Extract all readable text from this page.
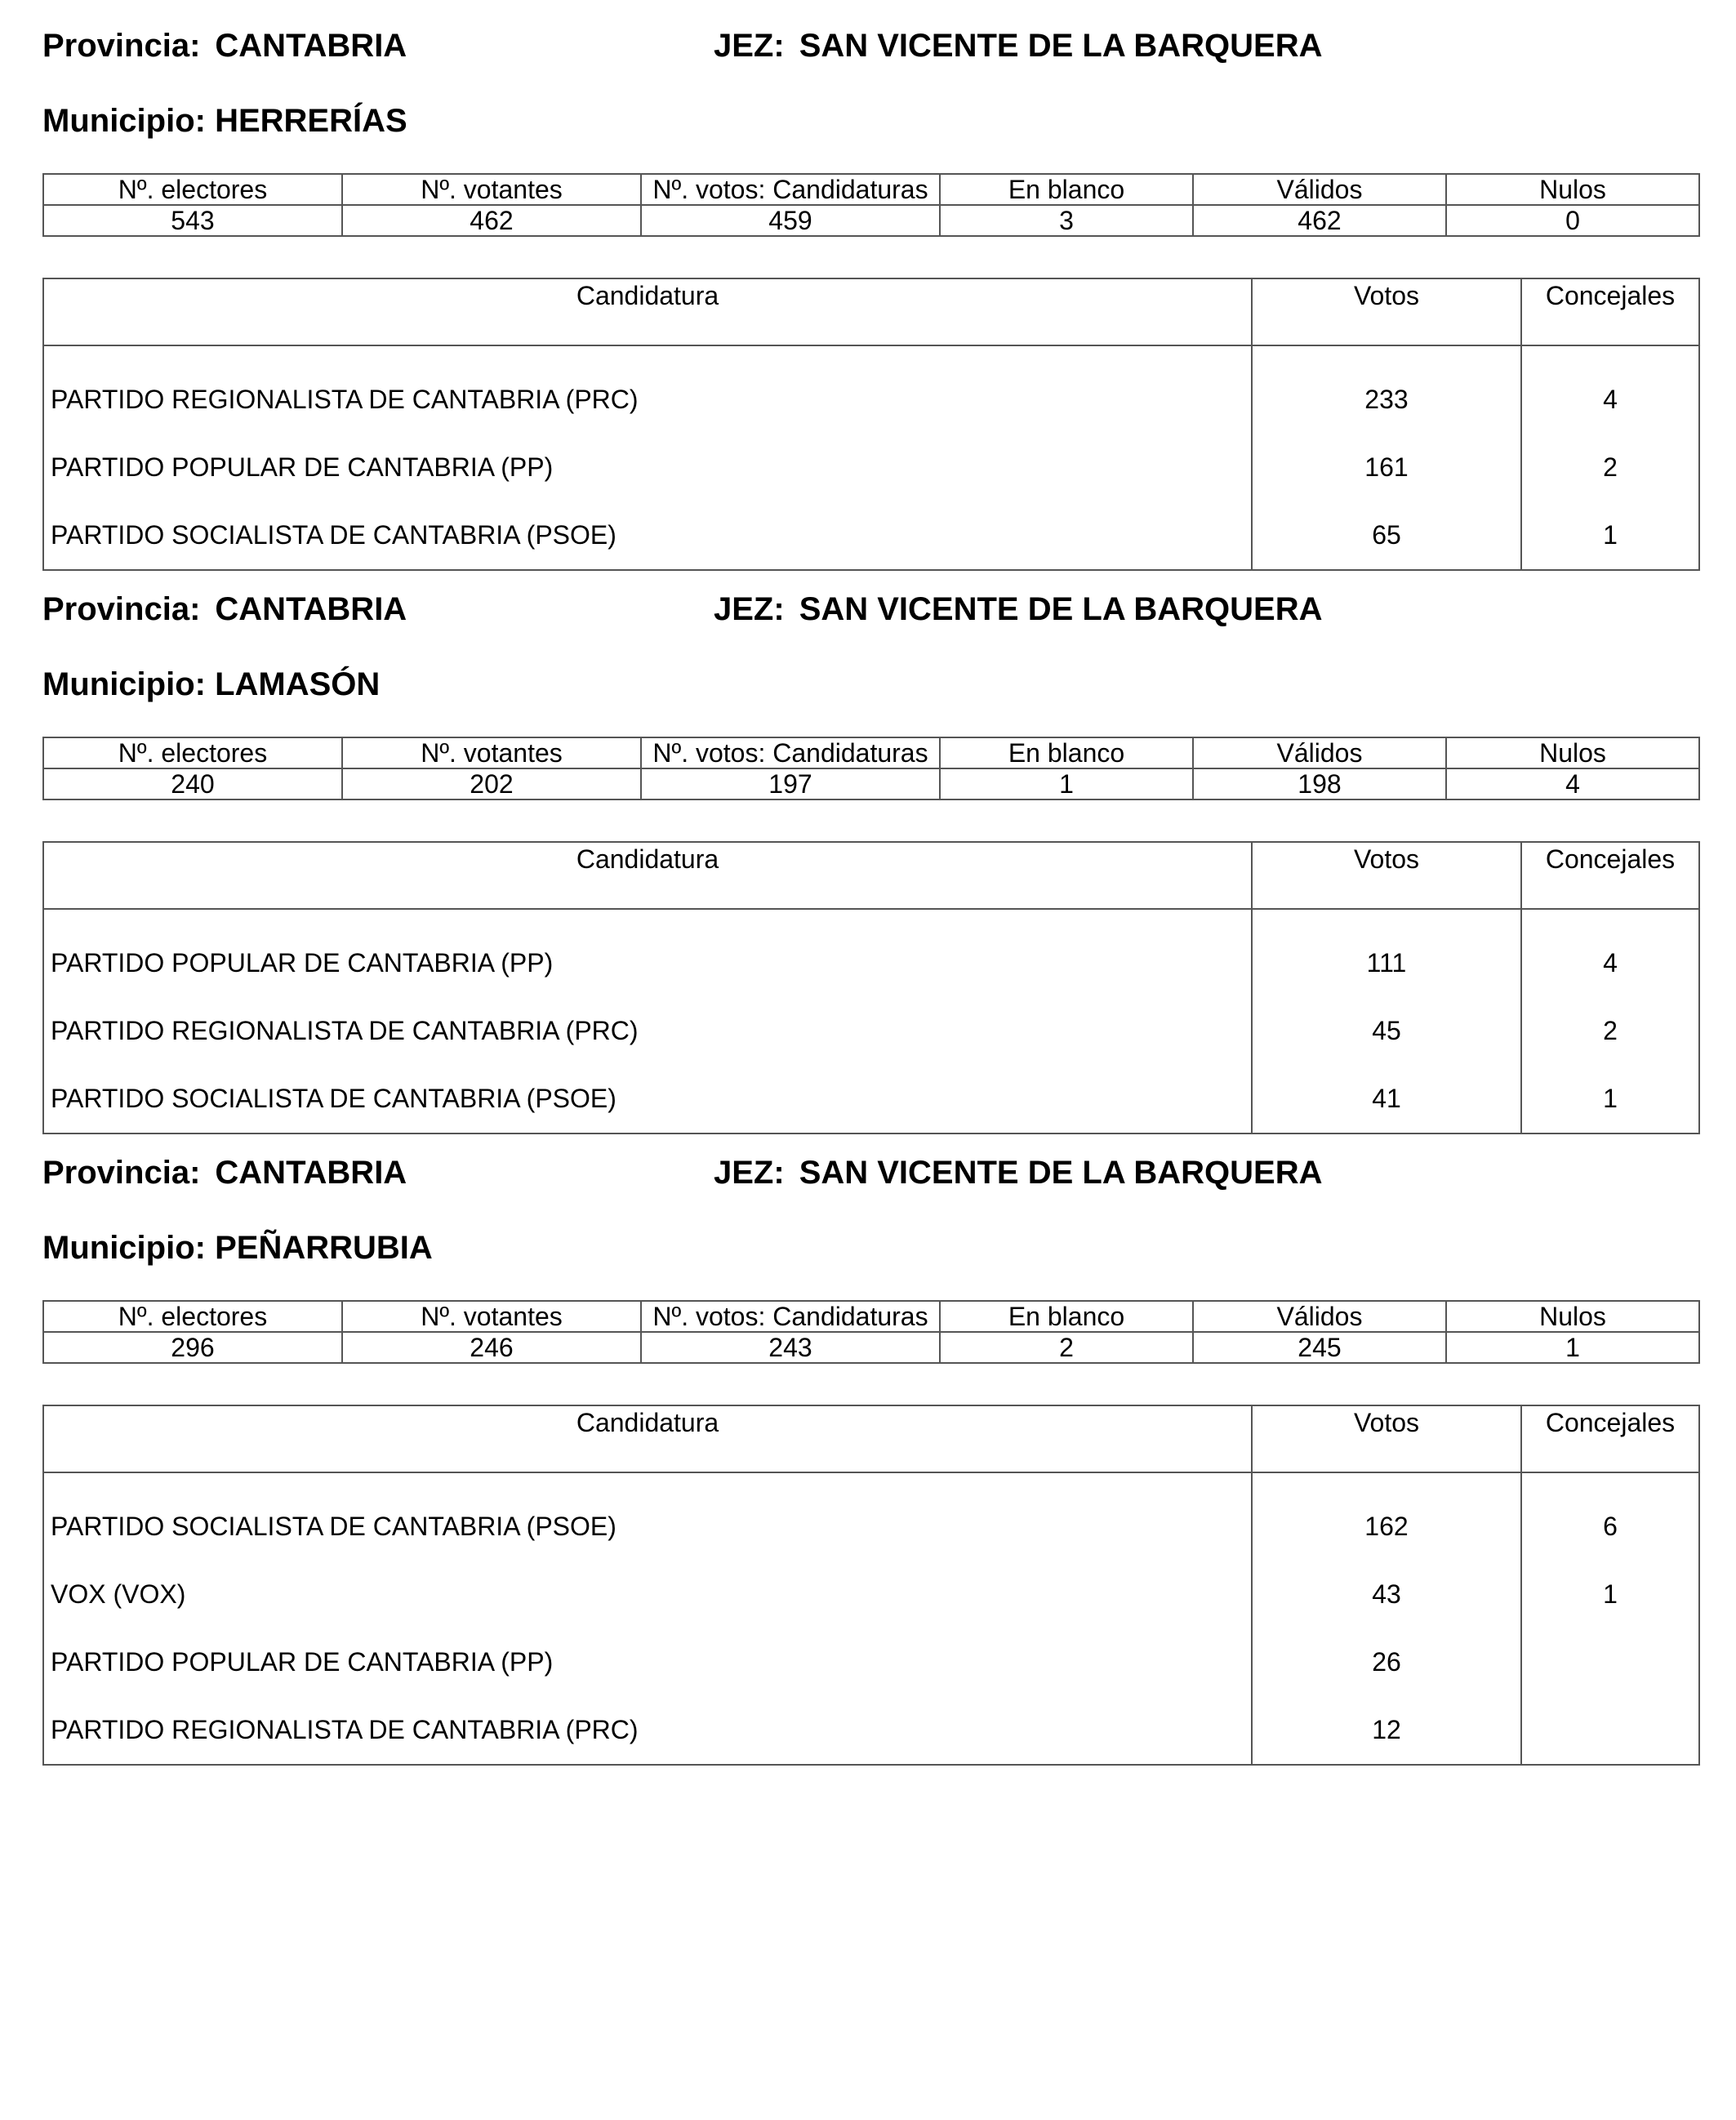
Provincia: CANTABRIA	JEZ: SAN VICENTE DE LA BARQUERA
Municipio: HERRERÍAS
Nº. electores	Nº. votantes	Nº. votos: Candidaturas	En blanco	Válidos	Nulos
543	462	459	3	462	0
Candidatura	Votos	Concejales

PARTIDO REGIONALISTA DE CANTABRIA (PRC)	233	4
PARTIDO POPULAR DE CANTABRIA (PP)	161	2
PARTIDO SOCIALISTA DE CANTABRIA (PSOE)	65	1
Provincia: CANTABRIA	JEZ: SAN VICENTE DE LA BARQUERA
Municipio: LAMASÓN
Nº. electores	Nº. votantes	Nº. votos: Candidaturas	En blanco	Válidos	Nulos
240	202	197	1	198	4
Candidatura	Votos	Concejales

PARTIDO POPULAR DE CANTABRIA (PP)	111	4
PARTIDO REGIONALISTA DE CANTABRIA (PRC)	45	2
PARTIDO SOCIALISTA DE CANTABRIA (PSOE)	41	1
Provincia: CANTABRIA	JEZ: SAN VICENTE DE LA BARQUERA
Municipio: PEÑARRUBIA
Nº. electores	Nº. votantes	Nº. votos: Candidaturas	En blanco	Válidos	Nulos
296	246	243	2	245	1
Candidatura	Votos	Concejales

PARTIDO SOCIALISTA DE CANTABRIA (PSOE)	162	6
VOX (VOX)	43	1
PARTIDO POPULAR DE CANTABRIA (PP)	26	
PARTIDO REGIONALISTA DE CANTABRIA (PRC)	12	
